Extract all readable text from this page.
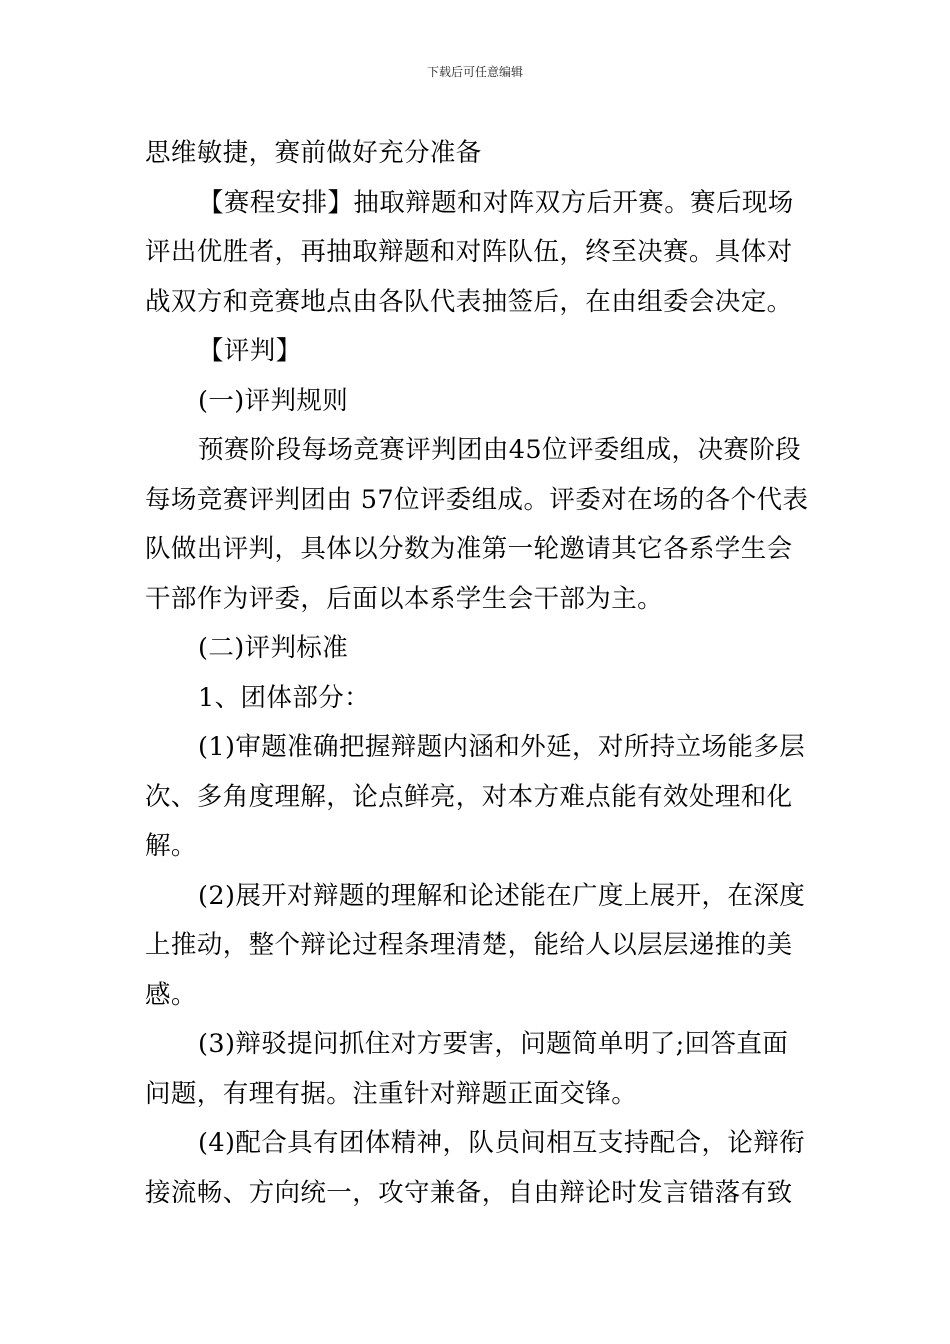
下载后可任意编辑
思维敏捷，赛前做好充分准备
【赛程安排】抽取辩题和对阵双方后开赛。赛后现场
评出优胜者，再抽取辩题和对阵队伍，终至决赛。具体对
战双方和竞赛地点由各队代表抽签后，在由组委会决定。
【评判】
(一)评判规则
预赛阶段每场竞赛评判团由45位评委组成，决赛阶段
每场竞赛评判团由 57位评委组成。评委对在场的各个代表
队做出评判，具体以分数为准第一轮邀请其它各系学生会
干部作为评委，后面以本系学生会干部为主。
(二)评判标准
1、团体部分：
(1)审题准确把握辩题内涵和外延，对所持立场能多层
次、多角度理解，论点鲜亮，对本方难点能有效处理和化
解。
(2)展开对辩题的理解和论述能在广度上展开，在深度
上推动，整个辩论过程条理清楚，能给人以层层递推的美
感。
(3)辩驳提问抓住对方要害，问题简单明了;回答直面
问题，有理有据。注重针对辩题正面交锋。
(4)配合具有团体精神，队员间相互支持配合，论辩衔
接流畅、方向统一，攻守兼备，自由辩论时发言错落有致
